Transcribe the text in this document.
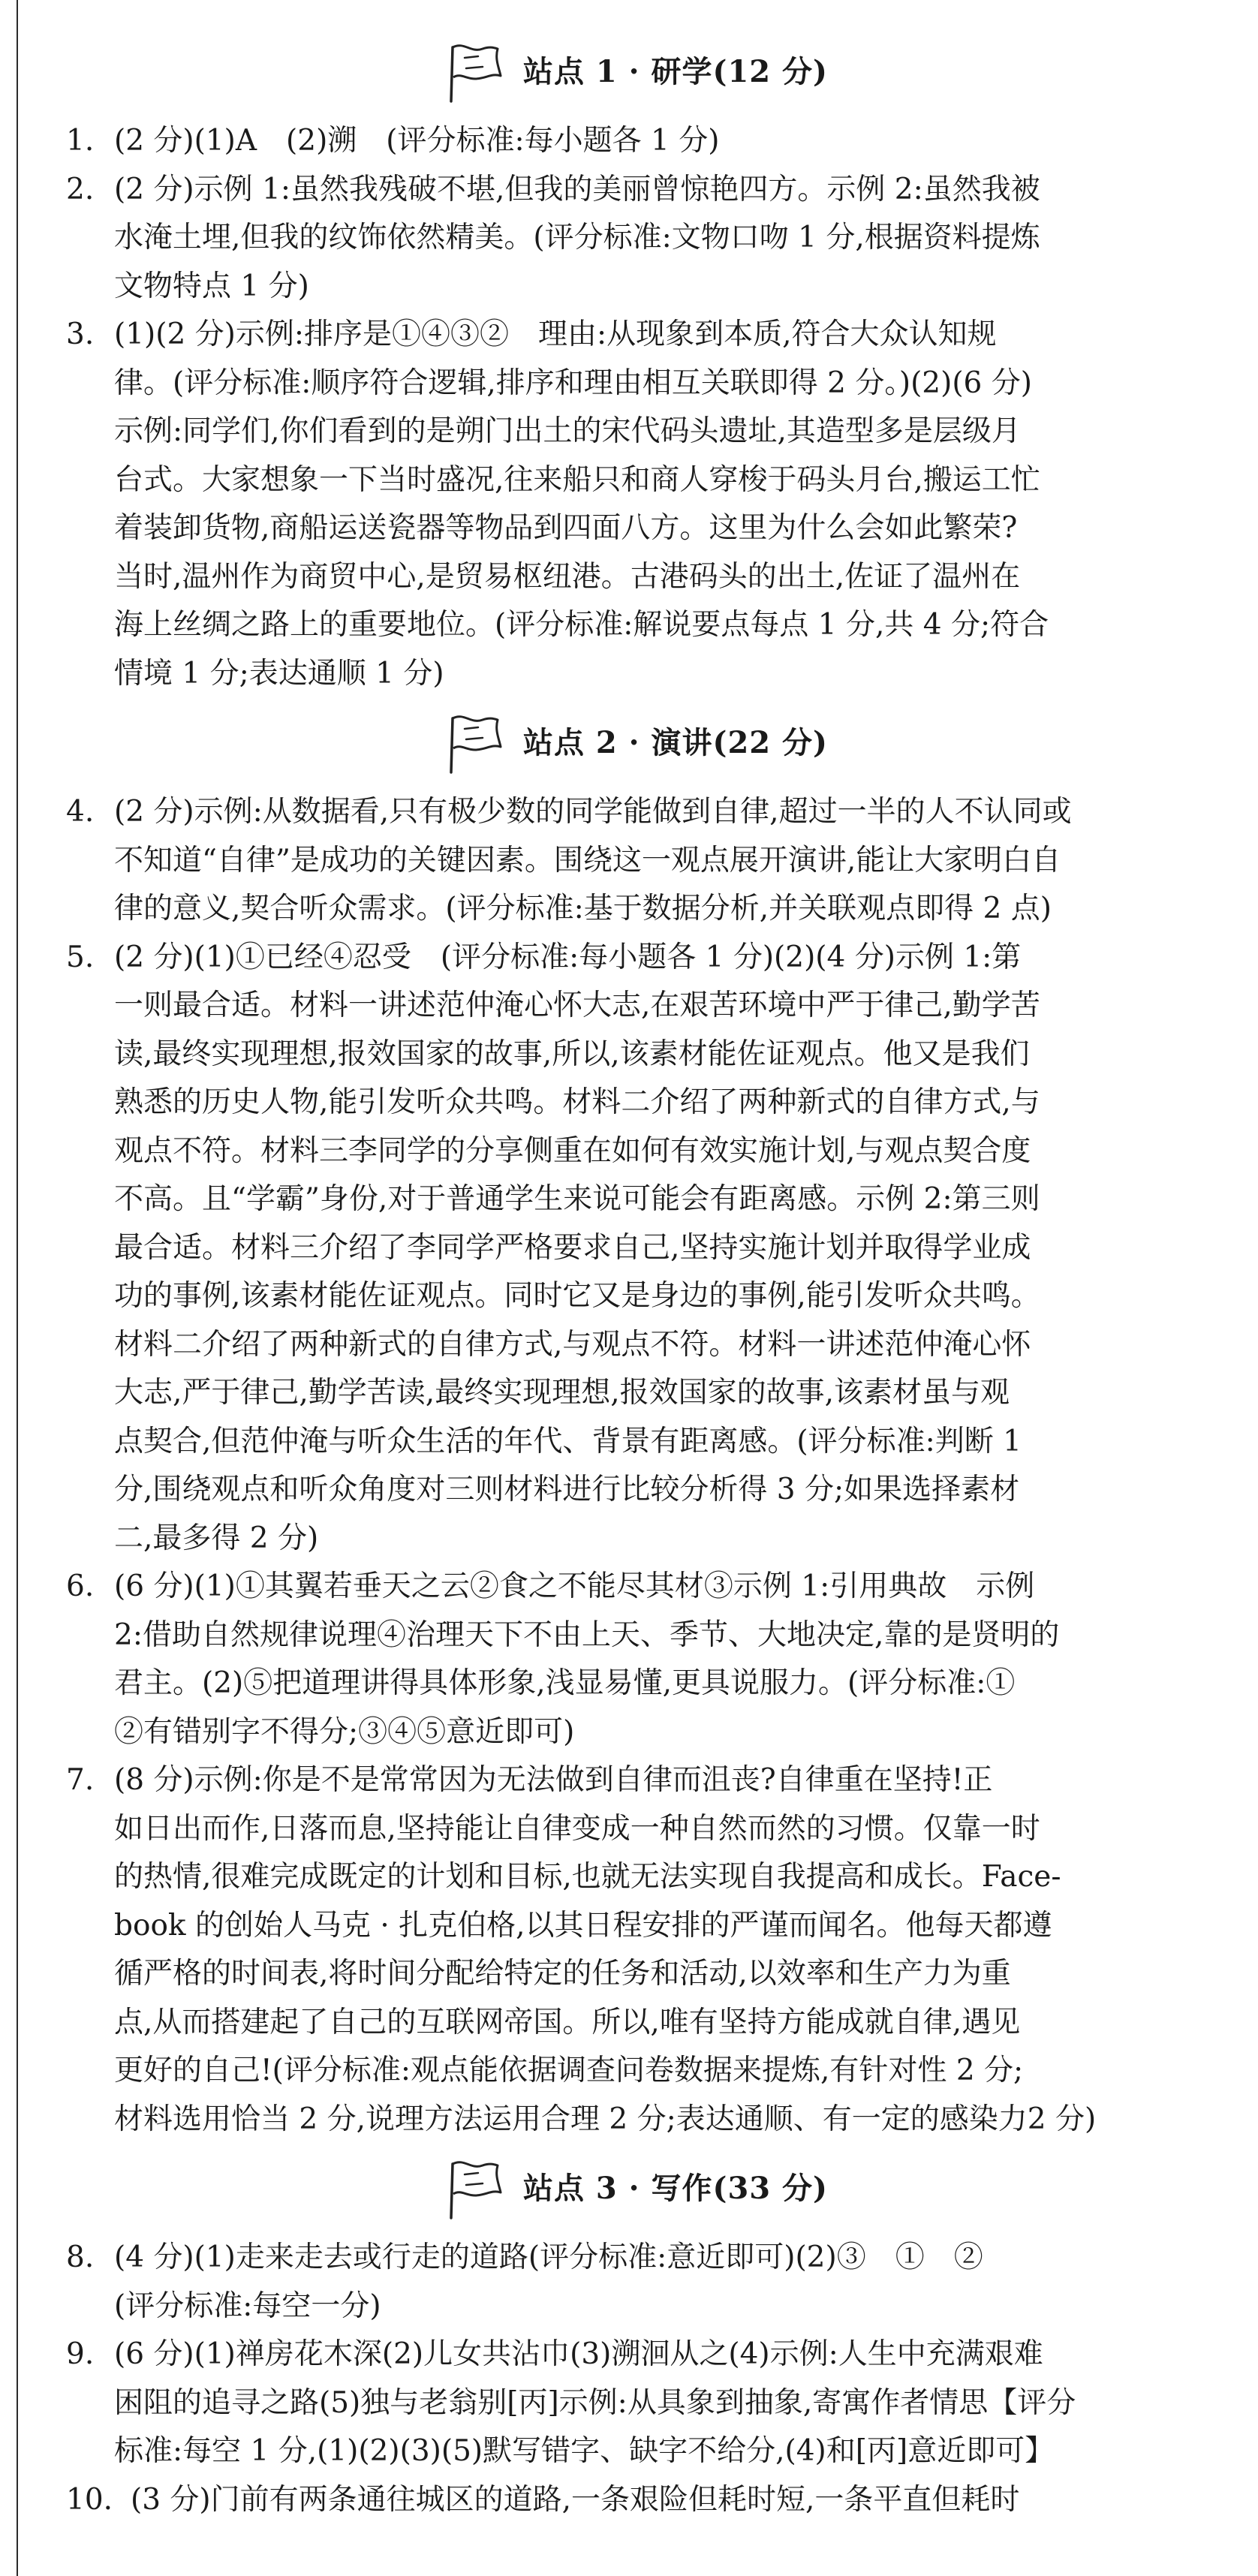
站点 1 · 研学(12 分)
1. (2 分)(1)A　(2)溯　(评分标准:每小题各 1 分)

2. (2 分)示例 1:虽然我残破不堪,但我的美丽曾惊艳四方。示例 2:虽然我被

水淹土埋,但我的纹饰依然精美。(评分标准:文物口吻 1 分,根据资料提炼

文物特点 1 分)

3. (1)(2 分)示例:排序是①④③②　理由:从现象到本质,符合大众认知规

律。(评分标准:顺序符合逻辑,排序和理由相互关联即得 2 分。)(2)(6 分)

示例:同学们,你们看到的是朔门出土的宋代码头遗址,其造型多是层级月

台式。大家想象一下当时盛况,往来船只和商人穿梭于码头月台,搬运工忙

着装卸货物,商船运送瓷器等物品到四面八方。这里为什么会如此繁荣?

当时,温州作为商贸中心,是贸易枢纽港。古港码头的出土,佐证了温州在

海上丝绸之路上的重要地位。(评分标准:解说要点每点 1 分,共 4 分;符合

情境 1 分;表达通顺 1 分)

站点 2 · 演讲(22 分)
4. (2 分)示例:从数据看,只有极少数的同学能做到自律,超过一半的人不认同或

不知道“自律”是成功的关键因素。围绕这一观点展开演讲,能让大家明白自

律的意义,契合听众需求。(评分标准:基于数据分析,并关联观点即得 2 点)

5. (2 分)(1)①已经④忍受　(评分标准:每小题各 1 分)(2)(4 分)示例 1:第

一则最合适。材料一讲述范仲淹心怀大志,在艰苦环境中严于律己,勤学苦

读,最终实现理想,报效国家的故事,所以,该素材能佐证观点。他又是我们

熟悉的历史人物,能引发听众共鸣。材料二介绍了两种新式的自律方式,与

观点不符。材料三李同学的分享侧重在如何有效实施计划,与观点契合度

不高。且“学霸”身份,对于普通学生来说可能会有距离感。示例 2:第三则

最合适。材料三介绍了李同学严格要求自己,坚持实施计划并取得学业成

功的事例,该素材能佐证观点。同时它又是身边的事例,能引发听众共鸣。

材料二介绍了两种新式的自律方式,与观点不符。材料一讲述范仲淹心怀

大志,严于律己,勤学苦读,最终实现理想,报效国家的故事,该素材虽与观

点契合,但范仲淹与听众生活的年代、背景有距离感。(评分标准:判断 1

分,围绕观点和听众角度对三则材料进行比较分析得 3 分;如果选择素材

二,最多得 2 分)

6. (6 分)(1)①其翼若垂天之云②食之不能尽其材③示例 1:引用典故　示例

2:借助自然规律说理④治理天下不由上天、季节、大地决定,靠的是贤明的

君主。(2)⑤把道理讲得具体形象,浅显易懂,更具说服力。(评分标准:①

②有错别字不得分;③④⑤意近即可)

7. (8 分)示例:你是不是常常因为无法做到自律而沮丧?自律重在坚持!正

如日出而作,日落而息,坚持能让自律变成一种自然而然的习惯。仅靠一时

的热情,很难完成既定的计划和目标,也就无法实现自我提高和成长。Face-

book 的创始人马克 · 扎克伯格,以其日程安排的严谨而闻名。他每天都遵

循严格的时间表,将时间分配给特定的任务和活动,以效率和生产力为重

点,从而搭建起了自己的互联网帝国。所以,唯有坚持方能成就自律,遇见

更好的自己!(评分标准:观点能依据调查问卷数据来提炼,有针对性 2 分;

材料选用恰当 2 分,说理方法运用合理 2 分;表达通顺、有一定的感染力2 分)

站点 3 · 写作(33 分)
8. (4 分)(1)走来走去或行走的道路(评分标准:意近即可)(2)③　①　②

(评分标准:每空一分)

9. (6 分)(1)禅房花木深(2)儿女共沾巾(3)溯洄从之(4)示例:人生中充满艰难

困阻的追寻之路(5)独与老翁别[丙]示例:从具象到抽象,寄寓作者情思【评分

标准:每空 1 分,(1)(2)(3)(5)默写错字、缺字不给分,(4)和[丙]意近即可】

10. (3 分)门前有两条通往城区的道路,一条艰险但耗时短,一条平直但耗时
